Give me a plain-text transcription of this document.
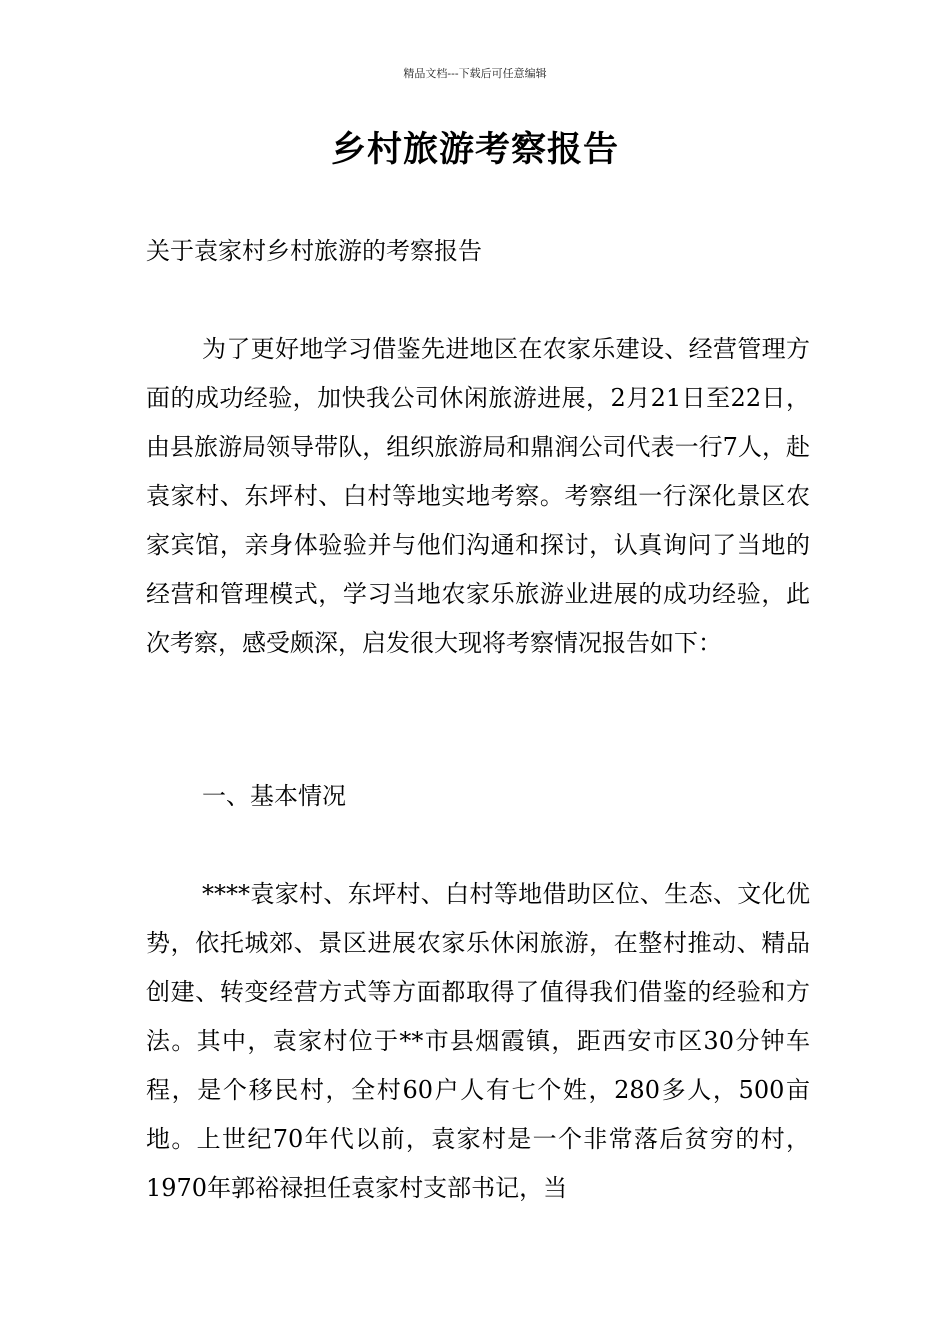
精品文档---下载后可任意编辑
乡村旅游考察报告
关于袁家村乡村旅游的考察报告

为了更好地学习借鉴先进地区在农家乐建设、经营管理方面的成功经验，加快我公司休闲旅游进展，2月21日至22日，由县旅游局领导带队，组织旅游局和鼎润公司代表一行7人，赴袁家村、东坪村、白村等地实地考察。考察组一行深化景区农家宾馆，亲身体验验并与他们沟通和探讨，认真询问了当地的经营和管理模式，学习当地农家乐旅游业进展的成功经验，此次考察，感受颇深，启发很大现将考察情况报告如下：

一、基本情况

****袁家村、东坪村、白村等地借助区位、生态、文化优势，依托城郊、景区进展农家乐休闲旅游，在整村推动、精品创建、转变经营方式等方面都取得了值得我们借鉴的经验和方法。其中，袁家村位于**市县烟霞镇，距西安市区30分钟车程，是个移民村，全村60户人有七个姓，280多人，500亩地。上世纪70年代以前，袁家村是一个非常落后贫穷的村，1970年郭裕禄担任袁家村支部书记，当
